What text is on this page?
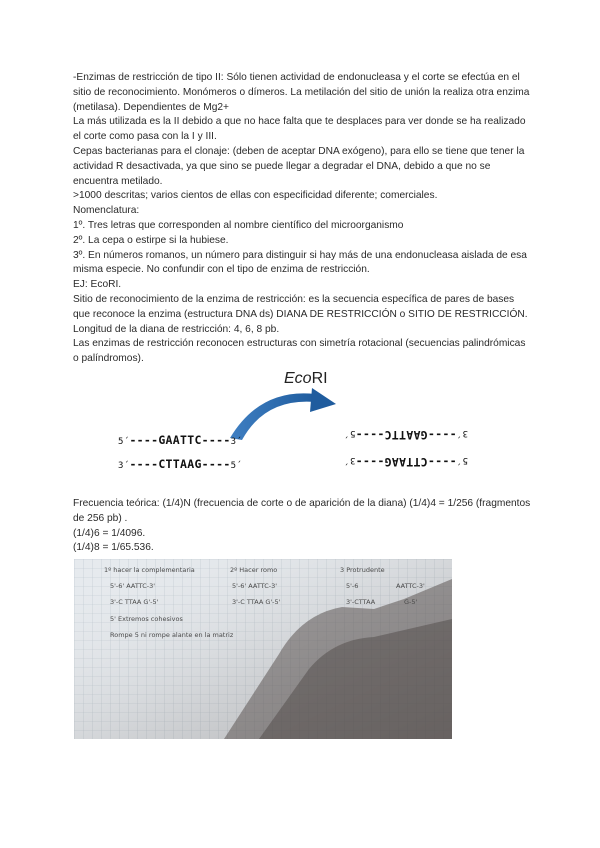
-Enzimas de restricción de tipo II: Sólo tienen actividad de endonucleasa y el corte se efectúa en el sitio de reconocimiento. Monómeros o dímeros. La metilación del sitio de unión la realiza otra enzima (metilasa). Dependientes de Mg2+

La más utilizada es la II debido a que no hace falta que te desplaces para ver donde se ha realizado el corte como pasa con la I y III.

Cepas bacterianas para el clonaje: (deben de aceptar DNA exógeno), para ello se tiene que tener la actividad R desactivada, ya que sino se puede llegar a degradar el DNA, debido a que no se encuentra metilado.

>1000 descritas; varios cientos de ellas con especificidad diferente; comerciales.

Nomenclatura:

1º. Tres letras que corresponden al nombre científico del microorganismo

2º. La cepa o estirpe si la hubiese.

3º. En números romanos, un número para distinguir si hay más de una endonucleasa aislada de esa misma especie. No confundir con el tipo de enzima de restricción.

EJ: EcoRI.

Sitio de reconocimiento de la enzima de restricción: es la secuencia específica de pares de bases que reconoce la enzima (estructura DNA ds) DIANA DE RESTRICCIÓN o SITIO DE RESTRICCIÓN. Longitud de la diana de restricción: 4, 6, 8 pb.

Las enzimas de restricción reconocen estructuras con simetría rotacional (secuencias palindrómicas o palíndromos).

EcoRI
5´----GAATTC----3´
3´----CTTAAG----5´
3´----GAATTC----5´
5´----CTTAAG----3´

Frecuencia teórica: (1/4)N (frecuencia de corte o de aparición de la diana) (1/4)4 = 1/256 (fragmentos de 256 pb) .

(1/4)6 = 1/4096.

(1/4)8 = 1/65.536.

1º hacer la complementaria
5'-6' AATTC-3'
3'-C TTAA G'-5'
5' Extremos cohesivos
Rompe 5 ni rompe alante en la matriz
2º Hacer romo
5'-6' AATTC-3'
3'-C TTAA G'-5'
3 Protrudente
5'-6	AATTC-3'
3'-CTTAA	G-5'
